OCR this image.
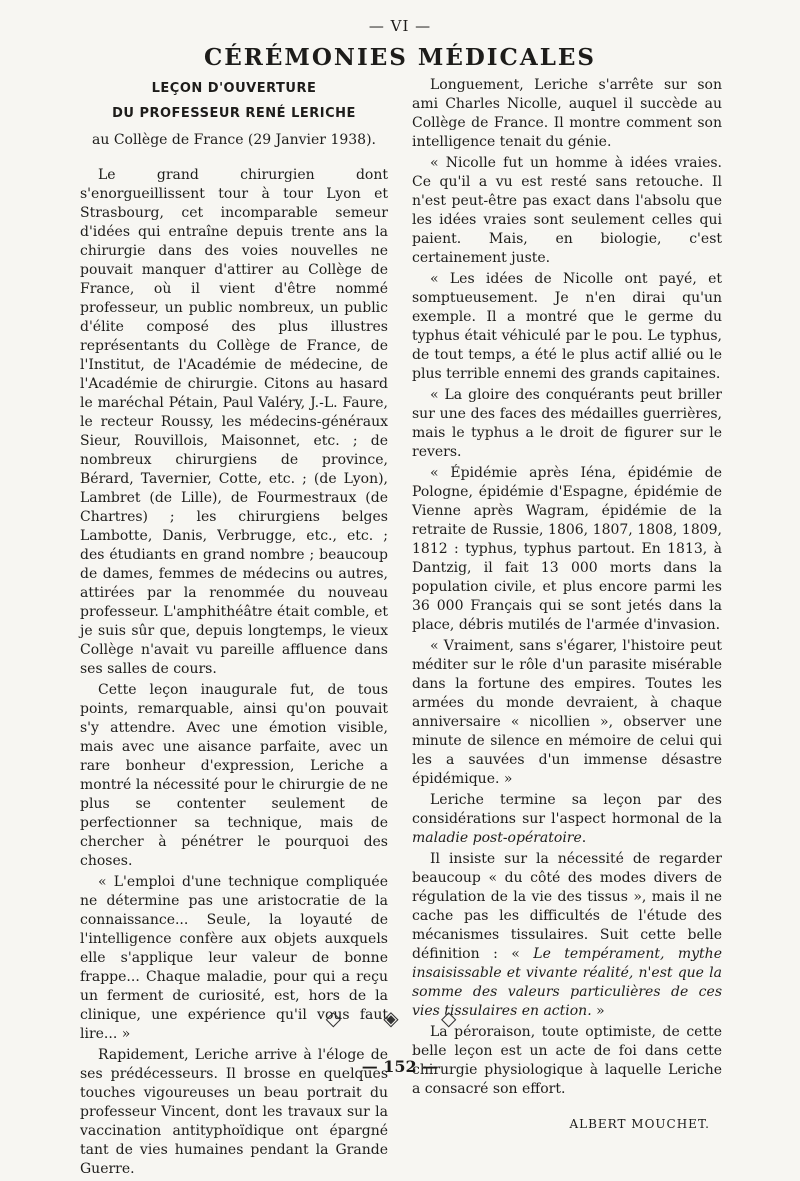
— VI —
CÉRÉMONIES MÉDICALES
LEÇON D'OUVERTURE
DU PROFESSEUR RENÉ LERICHE
au Collège de France (29 Janvier 1938).

Le grand chirurgien dont s'enorgueillissent tour à tour Lyon et Strasbourg, cet incomparable semeur d'idées qui entraîne depuis trente ans la chirurgie dans des voies nouvelles ne pouvait manquer d'attirer au Collège de France, où il vient d'être nommé professeur, un public nombreux, un public d'élite composé des plus illustres représentants du Collège de France, de l'Institut, de l'Académie de médecine, de l'Académie de chirurgie. Citons au hasard le maréchal Pétain, Paul Valéry, J.-L. Faure, le recteur Roussy, les médecins-généraux Sieur, Rouvillois, Maisonnet, etc. ; de nombreux chirurgiens de province, Bérard, Tavernier, Cotte, etc. ; (de Lyon), Lambret (de Lille), de Fourmestraux (de Chartres) ; les chirurgiens belges Lambotte, Danis, Verbrugge, etc., etc. ; des étudiants en grand nombre ; beaucoup de dames, femmes de médecins ou autres, attirées par la renommée du nouveau professeur. L'amphithéâtre était comble, et je suis sûr que, depuis longtemps, le vieux Collège n'avait vu pareille affluence dans ses salles de cours.

Cette leçon inaugurale fut, de tous points, remarquable, ainsi qu'on pouvait s'y attendre. Avec une émotion visible, mais avec une aisance parfaite, avec un rare bonheur d'expression, Leriche a montré la nécessité pour le chirurgie de ne plus se contenter seulement de perfectionner sa technique, mais de chercher à pénétrer le pourquoi des choses.

« L'emploi d'une technique compliquée ne détermine pas une aristocratie de la connaissance... Seule, la loyauté de l'intelligence confère aux objets auxquels elle s'applique leur valeur de bonne frappe... Chaque maladie, pour qui a reçu un ferment de curiosité, est, hors de la clinique, une expérience qu'il vous faut lire... »

Rapidement, Leriche arrive à l'éloge de ses prédécesseurs. Il brosse en quelques touches vigoureuses un beau portrait du professeur Vincent, dont les travaux sur la vaccination antityphoïdique ont épargné tant de vies humaines pendant la Grande Guerre.

Longuement, Leriche s'arrête sur son ami Charles Nicolle, auquel il succède au Collège de France. Il montre comment son intelligence tenait du génie.

« Nicolle fut un homme à idées vraies. Ce qu'il a vu est resté sans retouche. Il n'est peut-être pas exact dans l'absolu que les idées vraies sont seulement celles qui paient. Mais, en biologie, c'est certainement juste.

« Les idées de Nicolle ont payé, et somptueusement. Je n'en dirai qu'un exemple. Il a montré que le germe du typhus était véhiculé par le pou. Le typhus, de tout temps, a été le plus actif allié ou le plus terrible ennemi des grands capitaines.

« La gloire des conquérants peut briller sur une des faces des médailles guerrières, mais le typhus a le droit de figurer sur le revers.

« Épidémie après Iéna, épidémie de Pologne, épidémie d'Espagne, épidémie de Vienne après Wagram, épidémie de la retraite de Russie, 1806, 1807, 1808, 1809, 1812 : typhus, typhus partout. En 1813, à Dantzig, il fait 13 000 morts dans la population civile, et plus encore parmi les 36 000 Français qui se sont jetés dans la place, débris mutilés de l'armée d'invasion.

« Vraiment, sans s'égarer, l'histoire peut méditer sur le rôle d'un parasite misérable dans la fortune des empires. Toutes les armées du monde devraient, à chaque anniversaire « nicollien », observer une minute de silence en mémoire de celui qui les a sauvées d'un immense désastre épidémique. »

Leriche termine sa leçon par des considérations sur l'aspect hormonal de la maladie post-opératoire.

Il insiste sur la nécessité de regarder beaucoup « du côté des modes divers de régulation de la vie des tissus », mais il ne cache pas les difficultés de l'étude des mécanismes tissulaires. Suit cette belle définition : « Le tempérament, mythe insaisissable et vivante réalité, n'est que la somme des valeurs particulières de ces vies tissulaires en action. »

La péroraison, toute optimiste, de cette belle leçon est un acte de foi dans cette chirurgie physiologique à laquelle Leriche a consacré son effort.

ALBERT MOUCHET.
◇ ◈ ◇
— 152 —
